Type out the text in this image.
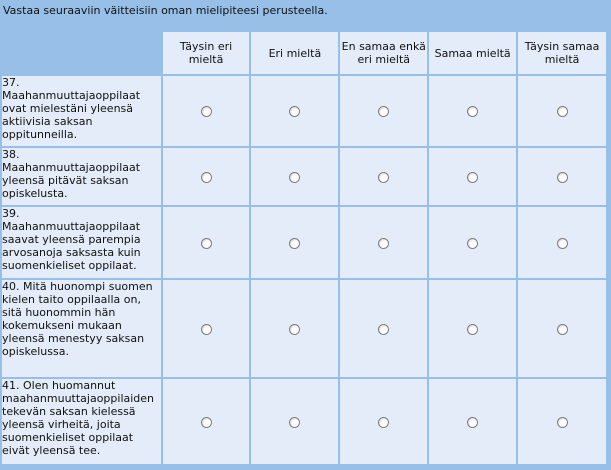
Vastaa seuraaviin väitteisiin oman mielipiteesi perusteella.
	Täysin eri mieltä	Eri mieltä	En samaa enkä eri mieltä	Samaa mieltä	Täysin samaa mieltä
37. Maahanmuuttajaoppilaat ovat mielestäni yleensä aktiivisia saksan oppitunneilla.					
38. Maahanmuuttajaoppilaat yleensä pitävät saksan opiskelusta.					
39. Maahanmuuttajaoppilaat saavat yleensä parempia arvosanoja saksasta kuin suomenkieliset oppilaat.					
40. Mitä huonompi suomen kielen taito oppilaalla on, sitä huonommin hän kokemukseni mukaan yleensä menestyy saksan opiskelussa.					
41. Olen huomannut maahanmuuttajaoppilaiden tekevän saksan kielessä yleensä virheitä, joita suomenkieliset oppilaat eivät yleensä tee.					
